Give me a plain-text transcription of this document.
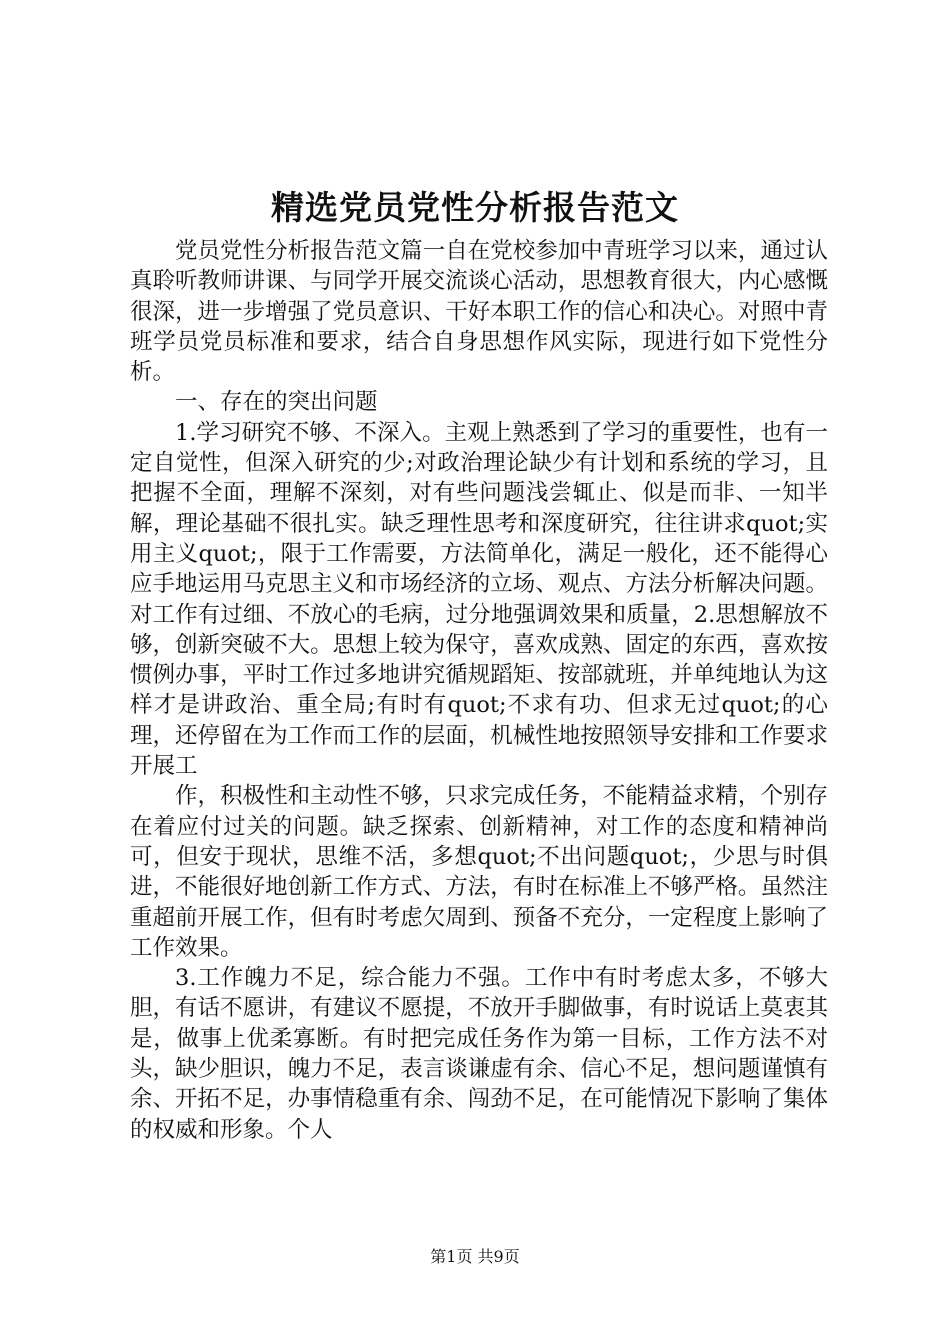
精选党员党性分析报告范文

党员党性分析报告范文篇一自在党校参加中青班学习以来，通过认真聆听教师讲课、与同学开展交流谈心活动，思想教育很大，内心感慨很深，进一步增强了党员意识、干好本职工作的信心和决心。对照中青班学员党员标准和要求，结合自身思想作风实际，现进行如下党性分析。

一、存在的突出问题

1.学习研究不够、不深入。主观上熟悉到了学习的重要性，也有一定自觉性，但深入研究的少;对政治理论缺少有计划和系统的学习，且把握不全面，理解不深刻，对有些问题浅尝辄止、似是而非、一知半解，理论基础不很扎实。缺乏理性思考和深度研究，往往讲求quot;实用主义quot;，限于工作需要，方法简单化，满足一般化，还不能得心应手地运用马克思主义和市场经济的立场、观点、方法分析解决问题。对工作有过细、不放心的毛病，过分地强调效果和质量，2.思想解放不够，创新突破不大。思想上较为保守，喜欢成熟、固定的东西，喜欢按惯例办事，平时工作过多地讲究循规蹈矩、按部就班，并单纯地认为这样才是讲政治、重全局;有时有quot;不求有功、但求无过quot;的心理，还停留在为工作而工作的层面，机械性地按照领导安排和工作要求开展工

作，积极性和主动性不够，只求完成任务，不能精益求精，个别存在着应付过关的问题。缺乏探索、创新精神，对工作的态度和精神尚可，但安于现状，思维不活，多想quot;不出问题quot;，少思与时俱进，不能很好地创新工作方式、方法，有时在标准上不够严格。虽然注重超前开展工作，但有时考虑欠周到、预备不充分，一定程度上影响了工作效果。

3.工作魄力不足，综合能力不强。工作中有时考虑太多，不够大胆，有话不愿讲，有建议不愿提，不放开手脚做事，有时说话上莫衷其是，做事上优柔寡断。有时把完成任务作为第一目标，工作方法不对头，缺少胆识，魄力不足，表言谈谦虚有余、信心不足，想问题谨慎有余、开拓不足，办事情稳重有余、闯劲不足，在可能情况下影响了集体的权威和形象。个人

第1页 共9页
